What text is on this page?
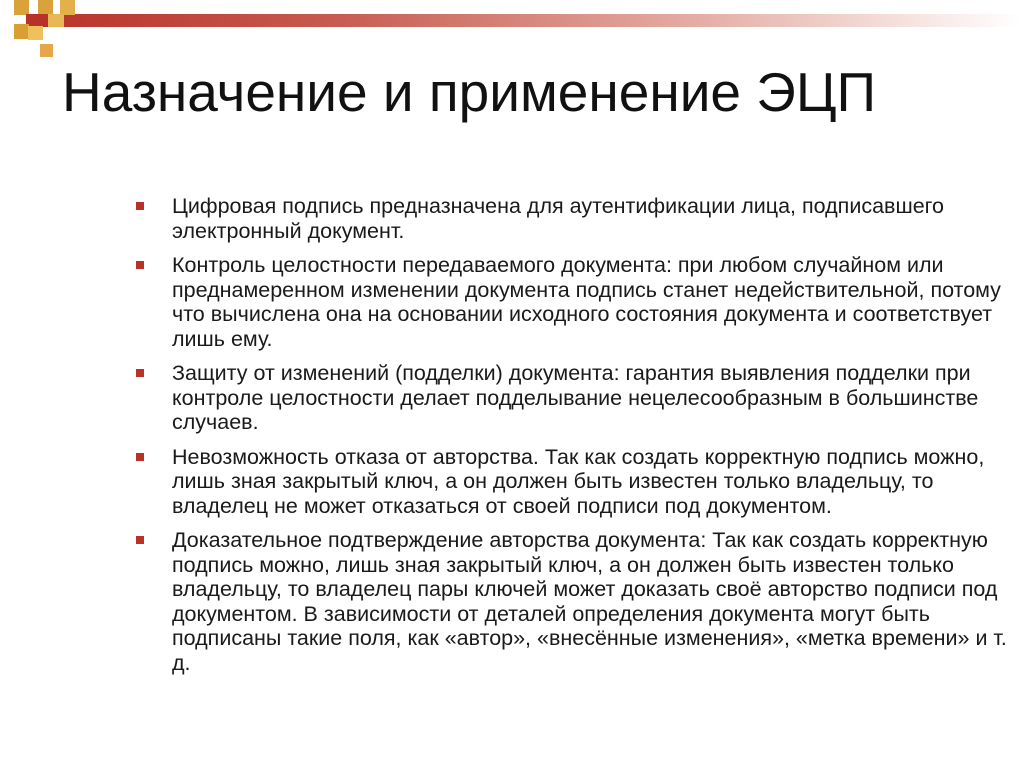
Назначение и применение ЭЦП
Цифровая подпись предназначена для аутентификации лица, подписавшего электронный документ.
Контроль целостности передаваемого документа: при любом случайном или преднамеренном изменении документа подпись станет недействительной, потому что вычислена она на основании исходного состояния документа и соответствует лишь ему.
Защиту от изменений (подделки) документа: гарантия выявления подделки при контроле целостности делает подделывание нецелесообразным в большинстве случаев.
Невозможность отказа от авторства. Так как создать корректную подпись можно, лишь зная закрытый ключ, а он должен быть известен только владельцу, то владелец не может отказаться от своей подписи под документом.
Доказательное подтверждение авторства документа: Так как создать корректную подпись можно, лишь зная закрытый ключ, а он должен быть известен только владельцу, то владелец пары ключей может доказать своё авторство подписи под документом. В зависимости от деталей определения документа могут быть подписаны такие поля, как «автор», «внесённые изменения», «метка времени» и т. д.
